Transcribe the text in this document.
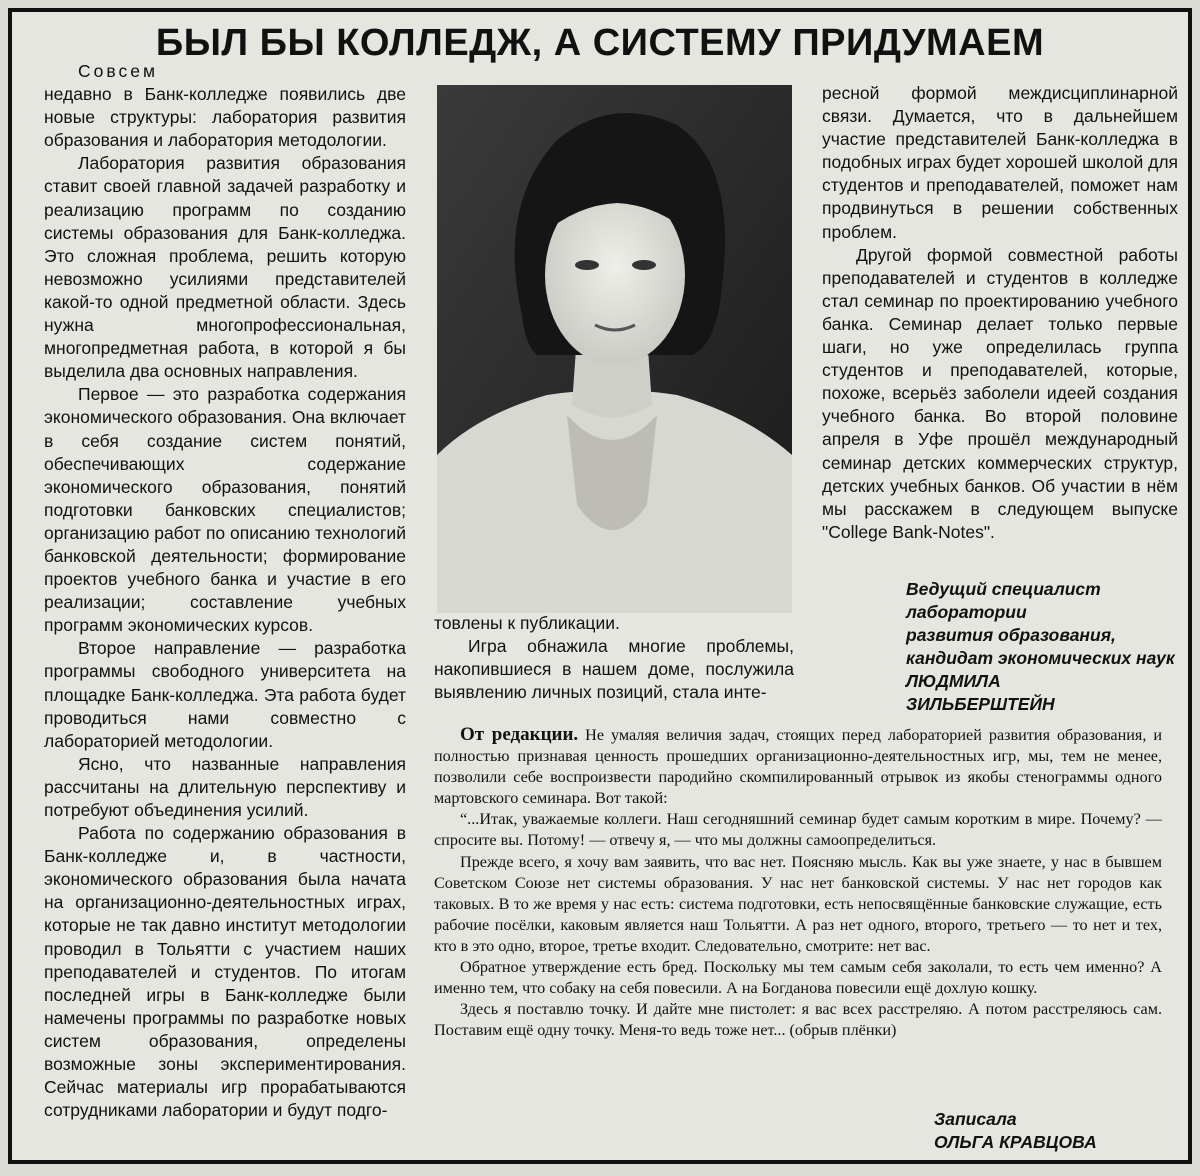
БЫЛ БЫ КОЛЛЕДЖ, А СИСТЕМУ ПРИДУМАЕМ

Совсем
недавно в Банк-колледже появились две новые структуры: лаборатория развития образования и лаборатория методологии.

Лаборатория развития образования ставит своей главной задачей разработку и реализацию программ по созданию системы образования для Банк-колледжа. Это сложная проблема, решить которую невозможно усилиями представителей какой-то одной предметной области. Здесь нужна многопрофессиональная, многопредметная работа, в которой я бы выделила два основных направления.

Первое — это разработка содержания экономического образования. Она включает в себя создание систем понятий, обеспечивающих содержание экономического образования, понятий подготовки банковских специалистов; организацию работ по описанию технологий банковской деятельности; формирование проектов учебного банка и участие в его реализации; составление учебных программ экономических курсов.

Второе направление — разработка программы свободного университета на площадке Банк-колледжа. Эта работа будет проводиться нами совместно с лабораторией методологии.

Ясно, что названные направления рассчитаны на длительную перспективу и потребуют объединения усилий.

Работа по содержанию образования в Банк-колледже и, в частности, экономического образования была начата на организационно-деятельностных играх, которые не так давно институт методологии проводил в Тольятти с участием наших преподавателей и студентов. По итогам последней игры в Банк-колледже были намечены программы по разработке новых систем образования, определены возможные зоны экспериментирования. Сейчас материалы игр прорабатываются сотрудниками лаборатории и будут подго-

ресной формой междисциплинарной связи. Думается, что в дальнейшем участие представителей Банк-колледжа в подобных играх будет хорошей школой для студентов и преподавателей, поможет нам продвинуться в решении собственных проблем.

Другой формой совместной работы преподавателей и студентов в колледже стал семинар по проектированию учебного банка. Семинар делает только первые шаги, но уже определилась группа студентов и преподавателей, которые, похоже, всерьёз заболели идеей создания учебного банка. Во второй половине апреля в Уфе прошёл международный семинар детских коммерческих структур, детских учебных банков. Об участии в нём мы расскажем в следующем выпуске "College Bank-Notes".

Ведущий специалист
лаборатории
развития образования,
кандидат экономических наук
ЛЮДМИЛА
ЗИЛЬБЕРШТЕЙН

товлены к публикации.

Игра обнажила многие проблемы, накопившиеся в нашем доме, послужила выявлению личных позиций, стала инте-

От редакции. Не умаляя величия задач, стоящих перед лабораторией развития образования, и полностью признавая ценность прошедших организационно-деятельностных игр, мы, тем не менее, позволили себе воспроизвести пародийно скомпилированный отрывок из якобы стенограммы одного мартовского семинара. Вот такой:

“...Итак, уважаемые коллеги. Наш сегодняшний семинар будет самым коротким в мире. Почему? — спросите вы. Потому! — отвечу я, — что мы должны самоопределиться.

Прежде всего, я хочу вам заявить, что вас нет. Поясняю мысль. Как вы уже знаете, у нас в бывшем Советском Союзе нет системы образования. У нас нет банковской системы. У нас нет городов как таковых. В то же время у нас есть: система подготовки, есть непосвящённые банковские служащие, есть рабочие посёлки, каковым является наш Тольятти. А раз нет одного, второго, третьего — то нет и тех, кто в это одно, второе, третье входит. Следовательно, смотрите: нет вас.

Обратное утверждение есть бред. Поскольку мы тем самым себя заколали, то есть чем именно? А именно тем, что собаку на себя повесили. А на Богданова повесили ещё дохлую кошку.

Здесь я поставлю точку. И дайте мне пистолет: я вас всех расстреляю. А потом расстреляюсь сам. Поставим ещё одну точку. Меня-то ведь тоже нет... (обрыв плёнки)

Записала
ОЛЬГА КРАВЦОВА
